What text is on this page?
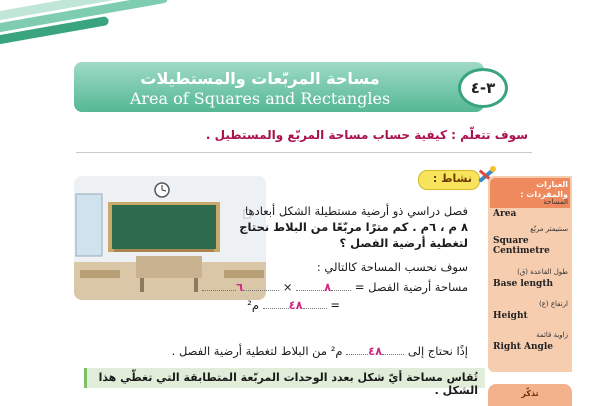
مساحة المربّعات والمستطيلات
Area of Squares and Rectangles
٣-٤
سوف تتعلّم : كيفية حساب مساحة المربّع والمستطيل .
نشاط :
فصل دراسي ذو أرضية مستطيلة الشكل أبعادها
٨ م ، ٦م . كم مترًا مربّعًا من البلاط نحتاج
لتغطية أرضية الفصل ؟
سوف نحسب المساحة كالتالي :
مساحة أرضية الفصل = ٨ × ٦
= ٤٨ م²
إذًا نحتاج إلى ٤٨ م² من البلاط لتغطية أرضية الفصل .
تُقاس مساحة أيّ شكل بعدد الوحدات المربّعة المتطابقة التي تغطّي هذا الشكل .
العبارات والمفردات :
المساحة
Area
سنتيمتر مربّع
Square Centimetre
طول القاعدة (ق)
Base length
ارتفاع (ع)
Height
زاوية قائمة
Right Angle
تذكّر
